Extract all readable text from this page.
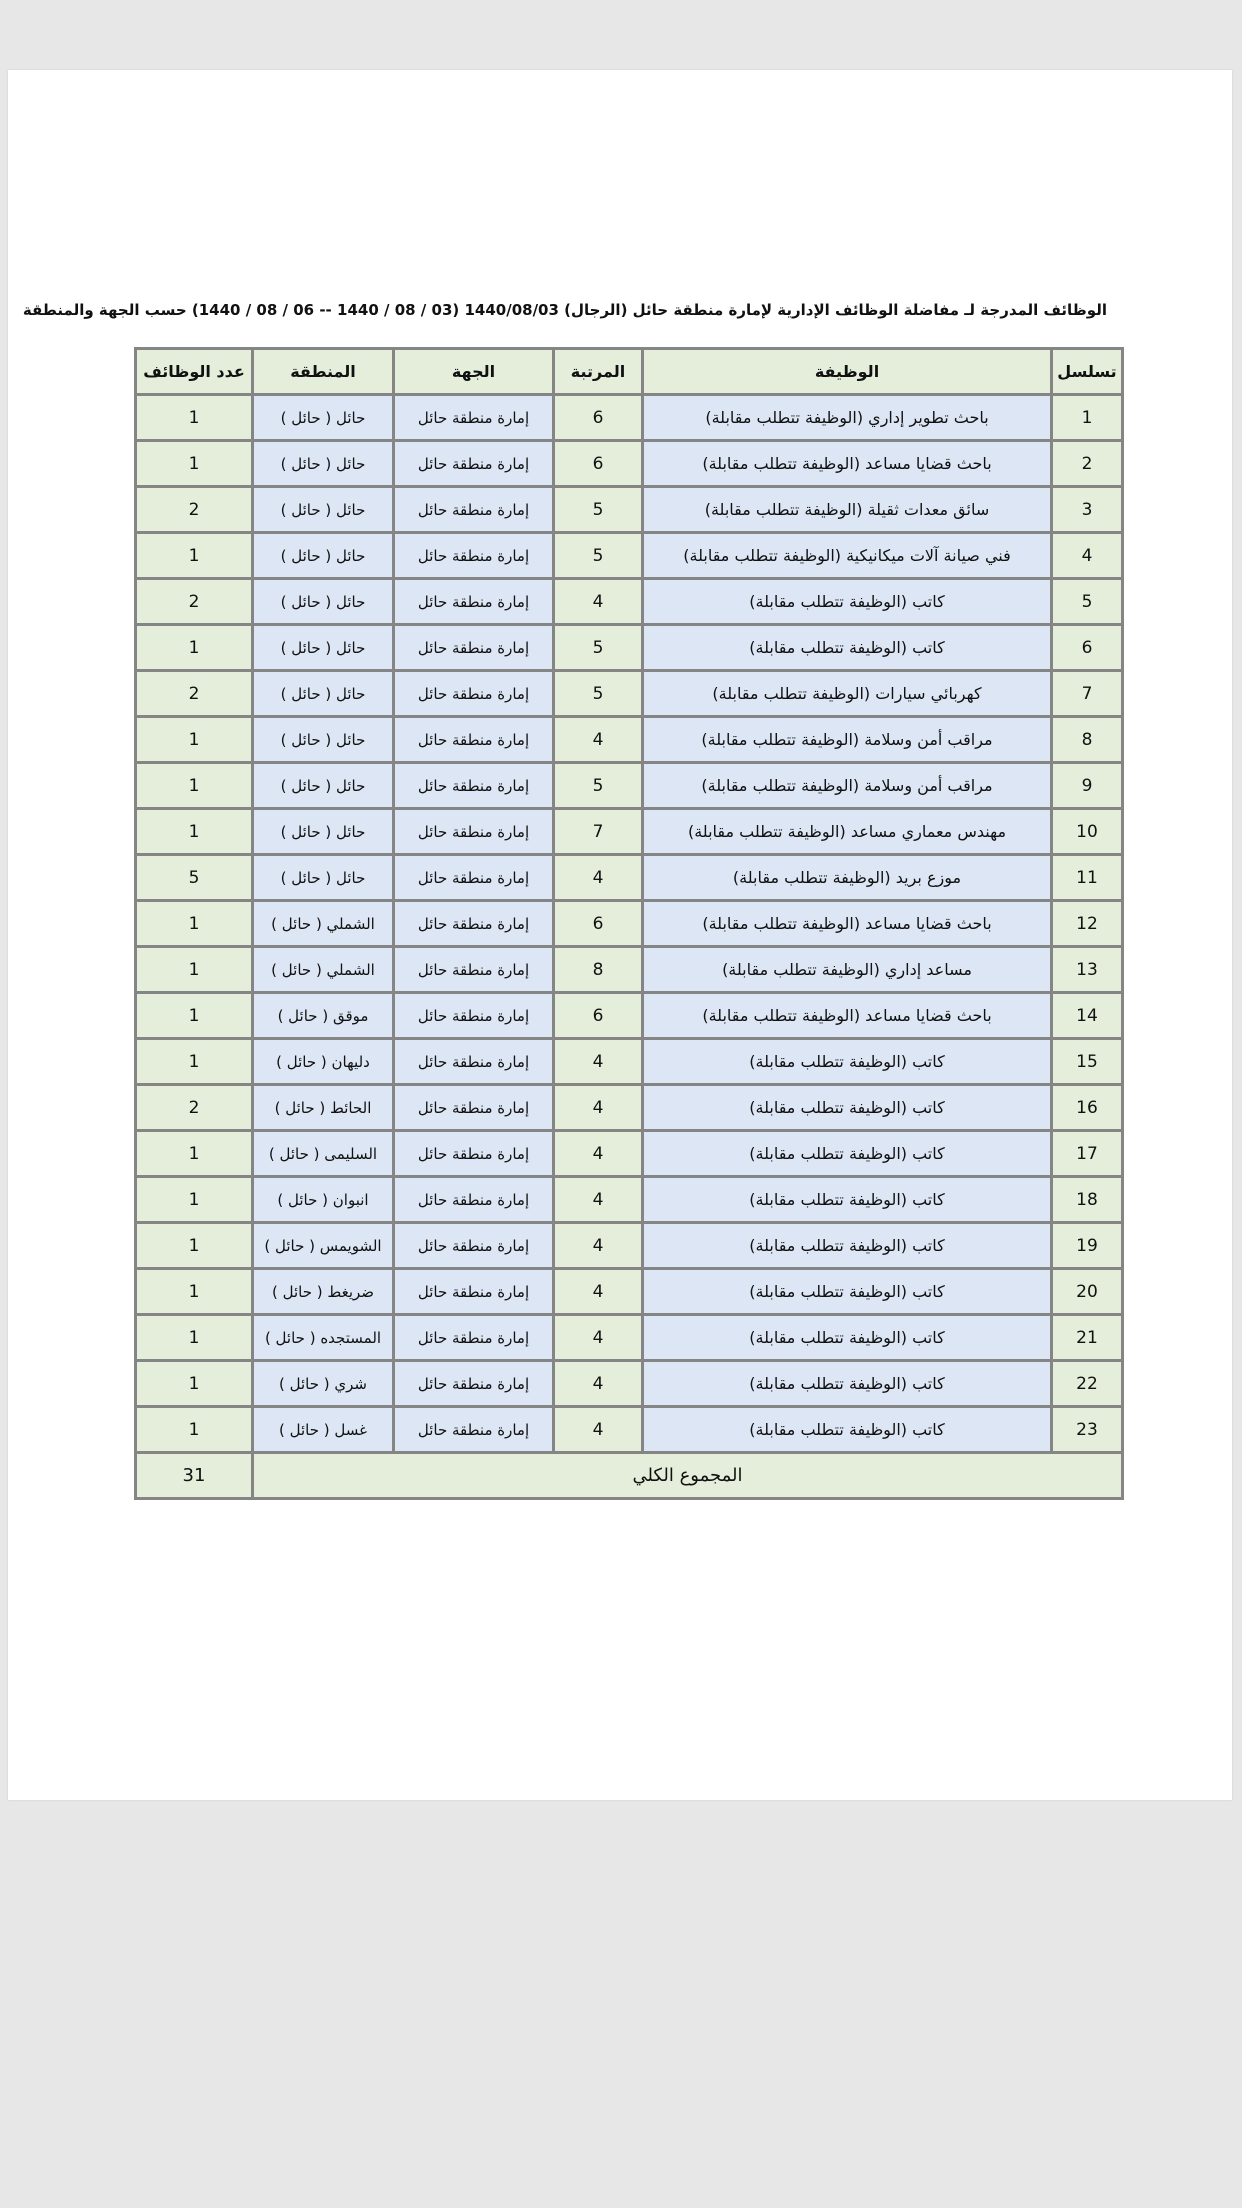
الوظائف المدرجة لـ مفاضلة الوظائف الإدارية لإمارة منطقة حائل (الرجال) 1440/08/03 (03 / 08 / 1440 -- 06 / 08 / 1440) حسب الجهة والمنطقة
تسلسل	الوظيفة	المرتبة	الجهة	المنطقة	عدد الوظائف
1	باحث تطوير إداري (الوظيفة تتطلب مقابلة)	6	إمارة منطقة حائل	حائل ( حائل )	1
2	باحث قضايا مساعد (الوظيفة تتطلب مقابلة)	6	إمارة منطقة حائل	حائل ( حائل )	1
3	سائق معدات ثقيلة (الوظيفة تتطلب مقابلة)	5	إمارة منطقة حائل	حائل ( حائل )	2
4	فني صيانة آلات ميكانيكية (الوظيفة تتطلب مقابلة)	5	إمارة منطقة حائل	حائل ( حائل )	1
5	كاتب (الوظيفة تتطلب مقابلة)	4	إمارة منطقة حائل	حائل ( حائل )	2
6	كاتب (الوظيفة تتطلب مقابلة)	5	إمارة منطقة حائل	حائل ( حائل )	1
7	كهربائي سيارات (الوظيفة تتطلب مقابلة)	5	إمارة منطقة حائل	حائل ( حائل )	2
8	مراقب أمن وسلامة (الوظيفة تتطلب مقابلة)	4	إمارة منطقة حائل	حائل ( حائل )	1
9	مراقب أمن وسلامة (الوظيفة تتطلب مقابلة)	5	إمارة منطقة حائل	حائل ( حائل )	1
10	مهندس معماري مساعد (الوظيفة تتطلب مقابلة)	7	إمارة منطقة حائل	حائل ( حائل )	1
11	موزع بريد (الوظيفة تتطلب مقابلة)	4	إمارة منطقة حائل	حائل ( حائل )	5
12	باحث قضايا مساعد (الوظيفة تتطلب مقابلة)	6	إمارة منطقة حائل	الشملي ( حائل )	1
13	مساعد إداري (الوظيفة تتطلب مقابلة)	8	إمارة منطقة حائل	الشملي ( حائل )	1
14	باحث قضايا مساعد (الوظيفة تتطلب مقابلة)	6	إمارة منطقة حائل	موقق ( حائل )	1
15	كاتب (الوظيفة تتطلب مقابلة)	4	إمارة منطقة حائل	دليهان ( حائل )	1
16	كاتب (الوظيفة تتطلب مقابلة)	4	إمارة منطقة حائل	الحائط ( حائل )	2
17	كاتب (الوظيفة تتطلب مقابلة)	4	إمارة منطقة حائل	السليمى ( حائل )	1
18	كاتب (الوظيفة تتطلب مقابلة)	4	إمارة منطقة حائل	انبوان ( حائل )	1
19	كاتب (الوظيفة تتطلب مقابلة)	4	إمارة منطقة حائل	الشويمس ( حائل )	1
20	كاتب (الوظيفة تتطلب مقابلة)	4	إمارة منطقة حائل	ضريغط ( حائل )	1
21	كاتب (الوظيفة تتطلب مقابلة)	4	إمارة منطقة حائل	المستجده ( حائل )	1
22	كاتب (الوظيفة تتطلب مقابلة)	4	إمارة منطقة حائل	شري ( حائل )	1
23	كاتب (الوظيفة تتطلب مقابلة)	4	إمارة منطقة حائل	غسل ( حائل )	1
المجموع الكلي					31
